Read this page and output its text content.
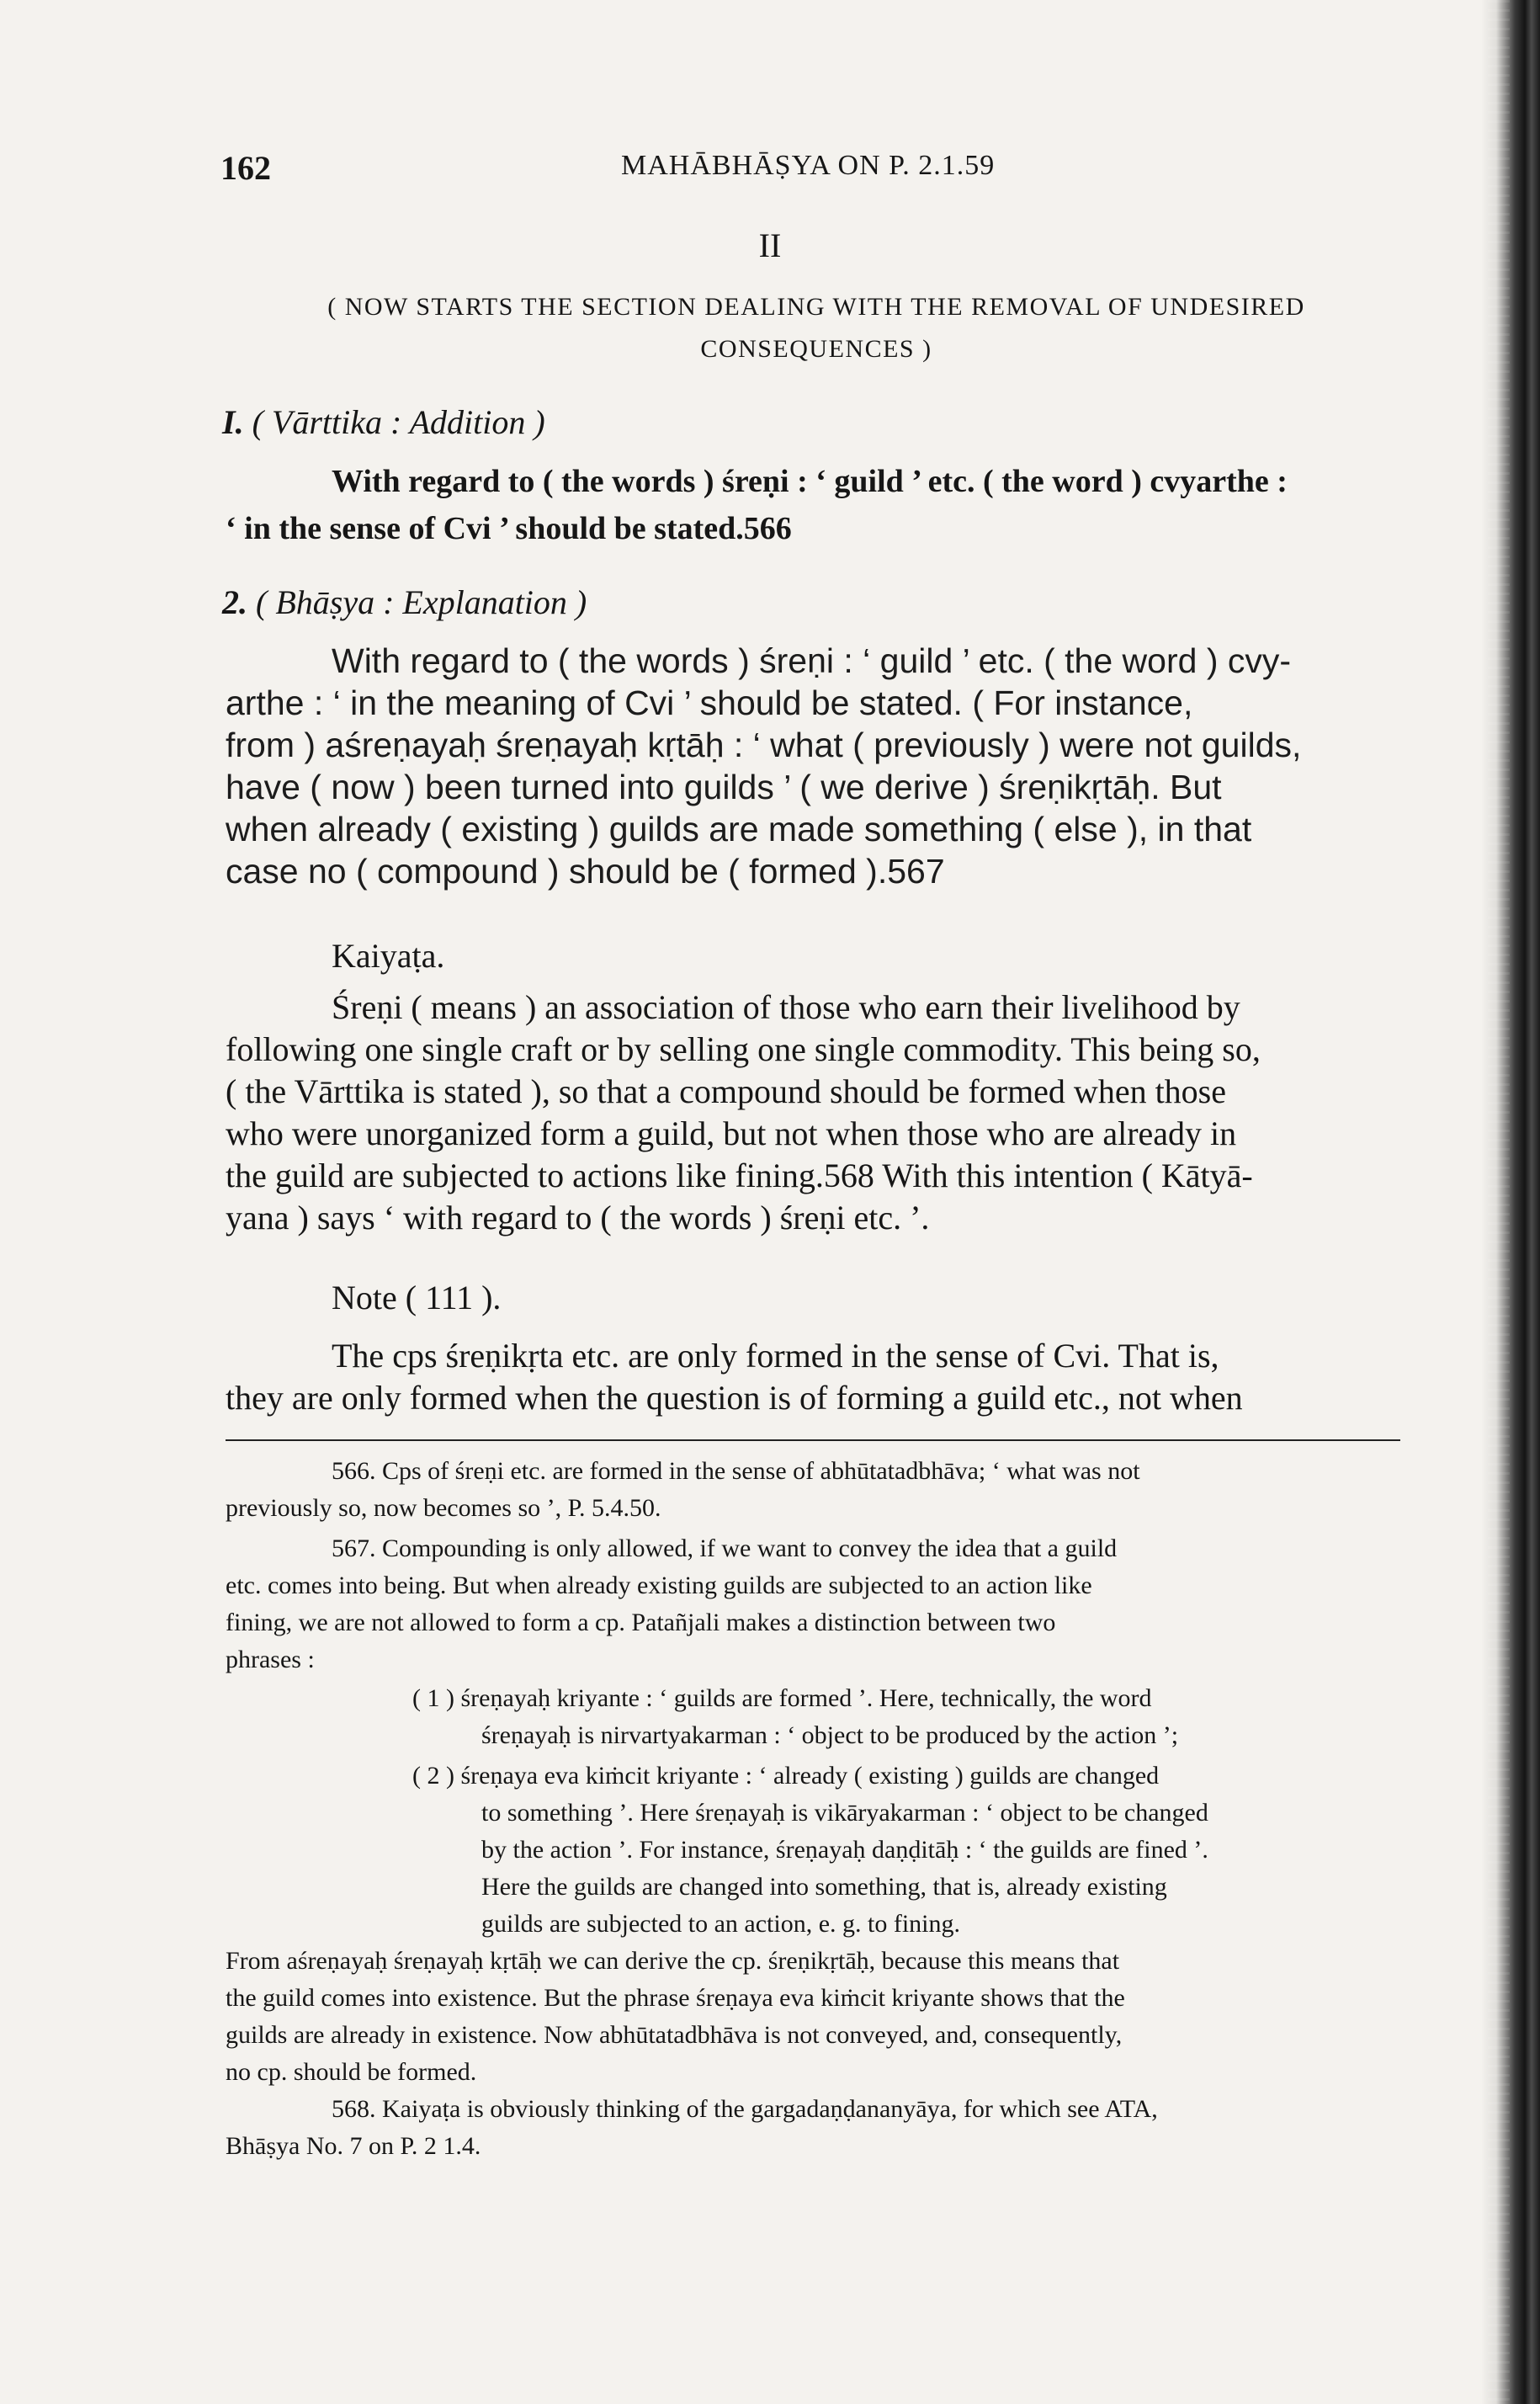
162	MAHĀBHĀṢYA ON P. 2.1.59
II

( NOW STARTS THE SECTION DEALING WITH THE REMOVAL OF UNDESIRED CONSEQUENCES )

I. ( Vārttika : Addition )
With regard to ( the words ) śreṇi : ‘ guild ’ etc. ( the word ) cvyarthe :
‘ in the sense of Cvi ’ should be stated.566
2. ( Bhāṣya : Explanation )
With regard to ( the words ) śreṇi : ‘ guild ’ etc. ( the word ) cvy-
arthe : ‘ in the meaning of Cvi ’ should be stated. ( For instance,
from ) aśreṇayaḥ śreṇayaḥ kṛtāḥ : ‘ what ( previously ) were not guilds,
have ( now ) been turned into guilds ’ ( we derive ) śreṇikṛtāḥ. But
when already ( existing ) guilds are made something ( else ), in that
case no ( compound ) should be ( formed ).567
Kaiyaṭa.
Śreṇi ( means ) an association of those who earn their livelihood by
following one single craft or by selling one single commodity. This being so,
( the Vārttika is stated ), so that a compound should be formed when those
who were unorganized form a guild, but not when those who are already in
the guild are subjected to actions like fining.568 With this intention ( Kātyā-
yana ) says ‘ with regard to ( the words ) śreṇi etc. ’.
Note ( 111 ).
The cps śreṇikṛta etc. are only formed in the sense of Cvi. That is,
they are only formed when the question is of forming a guild etc., not when
566. Cps of śreṇi etc. are formed in the sense of abhūtatadbhāva; ‘ what was not
previously so, now becomes so ’, P. 5.4.50.
567. Compounding is only allowed, if we want to convey the idea that a guild
etc. comes into being. But when already existing guilds are subjected to an action like
fining, we are not allowed to form a cp. Patañjali makes a distinction between two
phrases :
( 1 ) śreṇayaḥ kriyante : ‘ guilds are formed ’. Here, technically, the word
śreṇayaḥ is nirvartyakarman : ‘ object to be produced by the action ’;
( 2 ) śreṇaya eva kiṁcit kriyante : ‘ already ( existing ) guilds are changed
to something ’. Here śreṇayaḥ is vikāryakarman : ‘ object to be changed
by the action ’. For instance, śreṇayaḥ daṇḍitāḥ : ‘ the guilds are fined ’.
Here the guilds are changed into something, that is, already existing
guilds are subjected to an action, e. g. to fining.
From aśreṇayaḥ śreṇayaḥ kṛtāḥ we can derive the cp. śreṇikṛtāḥ, because this means that
the guild comes into existence. But the phrase śreṇaya eva kiṁcit kriyante shows that the
guilds are already in existence. Now abhūtatadbhāva is not conveyed, and, consequently,
no cp. should be formed.
568. Kaiyaṭa is obviously thinking of the gargadaṇḍananyāya, for which see ATA,
Bhāṣya No. 7 on P. 2 1.4.
